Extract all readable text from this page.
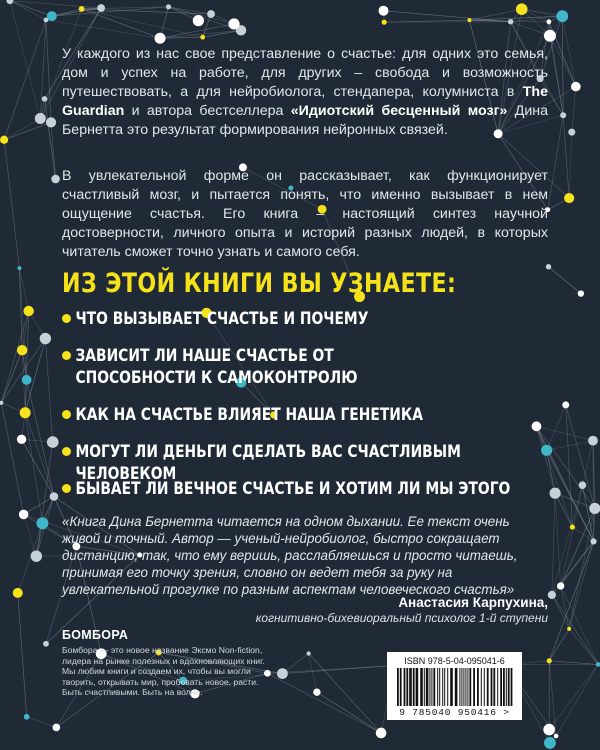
У каждого из нас свое представление о счастье: для одних это семья, дом и успех на работе, для других – свобода и возможность путешествовать, а для нейробиолога, стендапера, колумниста в The Guardian и автора бестселлера «Идиотский бесценный мозг» Дина Бернетта это результат формирования нейронных связей.
В увлекательной форме он рассказывает, как функционирует счастливый мозг, и пытается понять, что именно вызывает в нем ощущение счастья. Его книга – настоящий синтез научной достоверности, личного опыта и историй разных людей, в которых читатель сможет точно узнать и самого себя.
ИЗ ЭТОЙ КНИГИ ВЫ УЗНАЕТЕ:
ЧТО ВЫЗЫВАЕТ СЧАСТЬЕ И ПОЧЕМУ
ЗАВИСИТ ЛИ НАШЕ СЧАСТЬЕ ОТ СПОСОБНОСТИ К САМОКОНТРОЛЮ
КАК НА СЧАСТЬЕ ВЛИЯЕТ НАША ГЕНЕТИКА
МОГУТ ЛИ ДЕНЬГИ СДЕЛАТЬ ВАС СЧАСТЛИВЫМ ЧЕЛОВЕКОМ
БЫВАЕТ ЛИ ВЕЧНОЕ СЧАСТЬЕ И ХОТИМ ЛИ МЫ ЭТОГО
«Книга Дина Бернетта читается на одном дыхании. Ее текст очень живой и точный. Автор — ученый-нейробиолог, быстро сокращает дистанцию, так, что ему веришь, расслабляешься и просто читаешь, принимая его точку зрения, словно он ведет тебя за руку на увлекательной прогулке по разным аспектам человеческого счастья»
Анастасия Карпухина,
когнитивно-бихевиоральный психолог 1-й ступени
БОМБОРА
Бомбора — это новое название Эксмо Non-fiction, лидера на рынке полезных и вдохновляющих книг. Мы любим книги и создаем их, чтобы вы могли творить, открывать мир, пробовать новое, расти. Быть счастливыми. Быть на волне.
ISBN 978-5-04-095041-6
9 785040 950416 >
